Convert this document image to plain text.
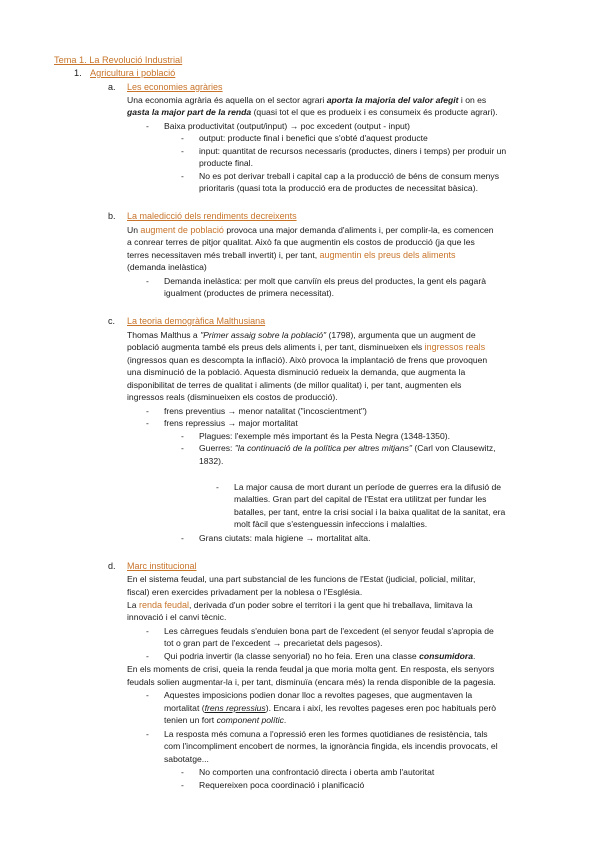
Tema 1. La Revolució Industrial
1. Agricultura i població
a. Les economies agràries
Una economia agrària és aquella on el sector agrari aporta la majoria del valor afegit i on es
gasta la major part de la renda (quasi tot el que es produeix i es consumeix és producte agrari).
- Baixa productivitat (output/input) → poc excedent (output - input)
- output: producte final i benefici que s'obté d'aquest producte
- input: quantitat de recursos necessaris (productes, diners i temps) per produir un
producte final.
- No es pot derivar treball i capital cap a la producció de béns de consum menys
prioritaris (quasi tota la producció era de productes de necessitat bàsica).
b. La maledicció dels rendiments decreixents
Un augment de població provoca una major demanda d'aliments i, per complir-la, es comencen
a conrear terres de pitjor qualitat. Això fa que augmentin els costos de producció (ja que les
terres necessitaven més treball invertit) i, per tant, augmentin els preus dels aliments
(demanda inelàstica)
- Demanda inelàstica: per molt que canviïn els preus del productes, la gent els pagarà
igualment (productes de primera necessitat).
c. La teoria demogràfica Malthusiana
Thomas Malthus a "Primer assaig sobre la població" (1798), argumenta que un augment de
població augmenta també els preus dels aliments i, per tant, disminueixen els ingressos reals
(ingressos quan es descompta la inflació). Això provoca la implantació de frens que provoquen
una disminució de la població. Aquesta disminució redueix la demanda, que augmenta la
disponibilitat de terres de qualitat i aliments (de millor qualitat) i, per tant, augmenten els
ingressos reals (disminueixen els costos de producció).
- frens preventius → menor natalitat ("incoscientment")
- frens repressius → major mortalitat
- Plagues: l'exemple més important és la Pesta Negra (1348-1350).
- Guerres: "la continuació de la política per altres mitjans" (Carl von Clausewitz,
1832).
- La major causa de mort durant un període de guerres era la difusió de
malalties. Gran part del capital de l'Estat era utilitzat per fundar les
batalles, per tant, entre la crisi social i la baixa qualitat de la sanitat, era
molt fàcil que s'estenguessin infeccions i malalties.
- Grans ciutats: mala higiene → mortalitat alta.
d. Marc institucional
En el sistema feudal, una part substancial de les funcions de l'Estat (judicial, policial, militar,
fiscal) eren exercides privadament per la noblesa o l'Església.
La renda feudal, derivada d'un poder sobre el territori i la gent que hi treballava, limitava la
innovació i el canvi tècnic.
- Les càrregues feudals s'enduien bona part de l'excedent (el senyor feudal s'apropia de
tot o gran part de l'excedent → precarietat dels pagesos).
- Qui podria invertir (la classe senyorial) no ho feia. Eren una classe consumidora.
En els moments de crisi, queia la renda feudal ja que moria molta gent. En resposta, els senyors
feudals solien augmentar-la i, per tant, disminuïa (encara més) la renda disponible de la pagesia.
- Aquestes imposicions podien donar lloc a revoltes pageses, que augmentaven la
mortalitat (frens repressius). Encara i així, les revoltes pageses eren poc habituals però
tenien un fort component polític.
- La resposta més comuna a l'opressió eren les formes quotidianes de resistència, tals
com l'incompliment encobert de normes, la ignorància fingida, els incendis provocats, el
sabotatge...
- No comporten una confrontació directa i oberta amb l'autoritat
- Requereixen poca coordinació i planificació
